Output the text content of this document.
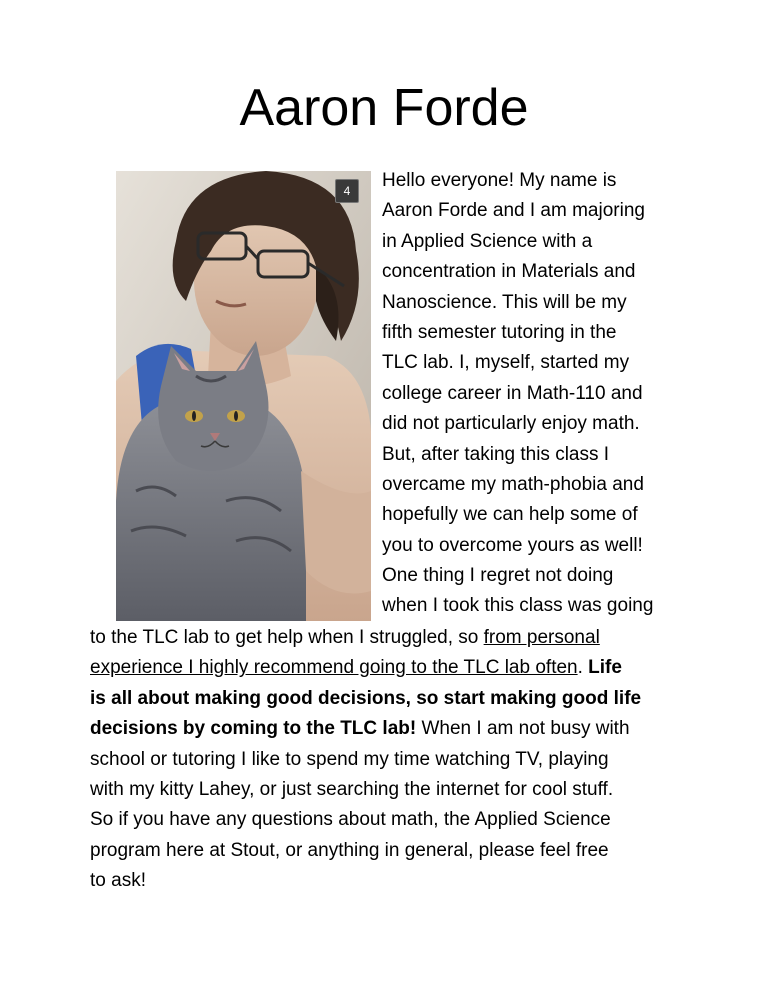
Aaron Forde
4	Hello everyone! My name is
Aaron Forde and I am majoring
in Applied Science with a
concentration in Materials and
Nanoscience. This will be my
fifth semester tutoring in the
TLC lab. I, myself, started my
college career in Math-110 and
did not particularly enjoy math.
But, after taking this class I
overcame my math-phobia and
hopefully we can help some of
you to overcome yours as well!
One thing I regret not doing
when I took this class was going
to the TLC lab to get help when I struggled, so from personal
experience I highly recommend going to the TLC lab often. Life
is all about making good decisions, so start making good life
decisions by coming to the TLC lab! When I am not busy with
school or tutoring I like to spend my time watching TV, playing
with my kitty Lahey, or just searching the internet for cool stuff.
So if you have any questions about math, the Applied Science
program here at Stout, or anything in general, please feel free
to ask!
